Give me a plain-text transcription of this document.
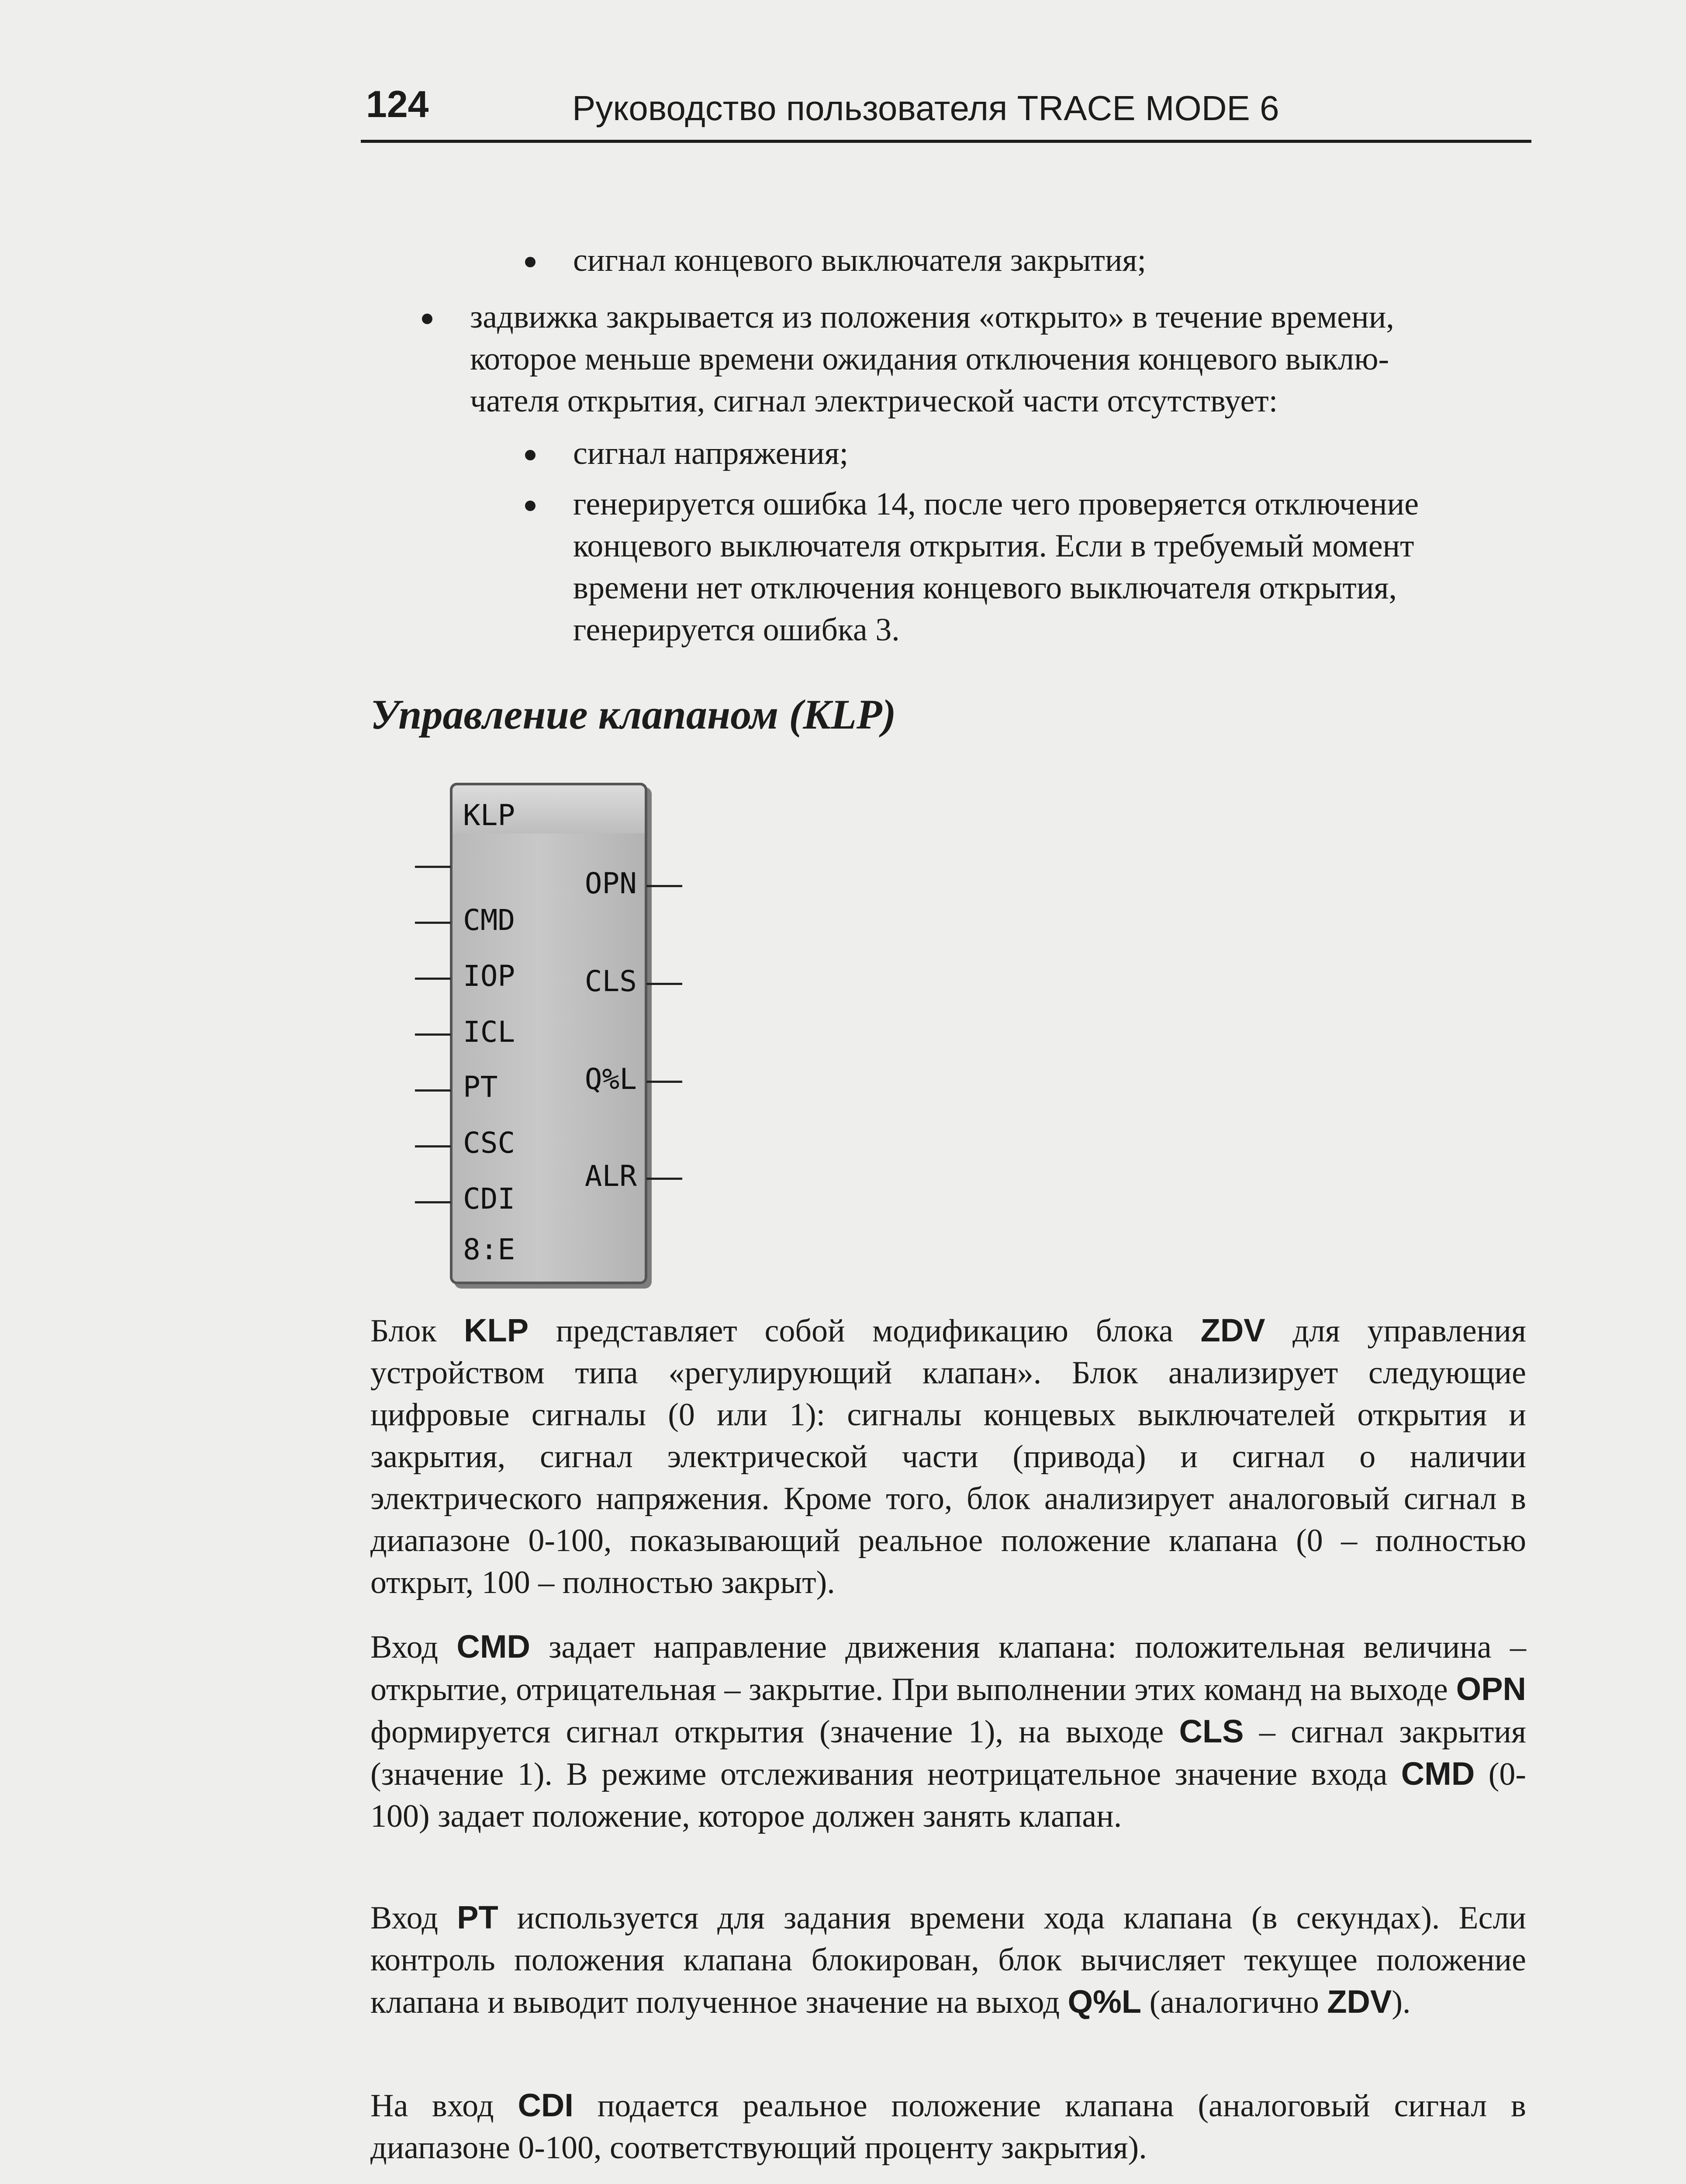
124	Руководство пользователя TRACE MODE 6
сигнал концевого выключателя закрытия;
задвижка закрывается из положения «открыто» в течение времени,
которое меньше времени ожидания отключения концевого выклю-
чателя открытия, сигнал электрической части отсутствует:
сигнал напряжения;
генерируется ошибка 14, после чего проверяется отключение
концевого выключателя открытия. Если в требуемый момент
времени нет отключения концевого выключателя открытия,
генерируется ошибка 3.
Управление клапаном (KLP)
KLP
CMD
IOP
ICL
PT
CSC
CDI
8:E
OPN
CLS
Q%L
ALR
Блок KLP представляет собой модификацию блока ZDV для управления устройством типа «регулирующий клапан». Блок анализирует следующие цифровые сигналы (0 или 1): сигналы концевых выключателей открытия и закрытия, сигнал электрической части (привода) и сигнал о наличии электрического напряжения. Кроме того, блок анализирует аналоговый сигнал в диапазоне 0-100, показывающий реальное положение клапана (0 – полностью открыт, 100 – полностью закрыт).
Вход CMD задает направление движения клапана: положительная величина – открытие, отрицательная – закрытие. При выполнении этих команд на выходе OPN формируется сигнал открытия (значение 1), на выходе CLS – сигнал закрытия (значение 1). В режиме отслеживания неотрицательное значение входа CMD (0-100) задает положение, которое должен занять клапан.
Вход PT используется для задания времени хода клапана (в секундах). Если контроль положения клапана блокирован, блок вычисляет текущее положение клапана и выводит полученное значение на выход Q%L (аналогично ZDV).
На вход CDI подается реальное положение клапана (аналоговый сигнал в диапазоне 0-100, соответствующий проценту закрытия).
